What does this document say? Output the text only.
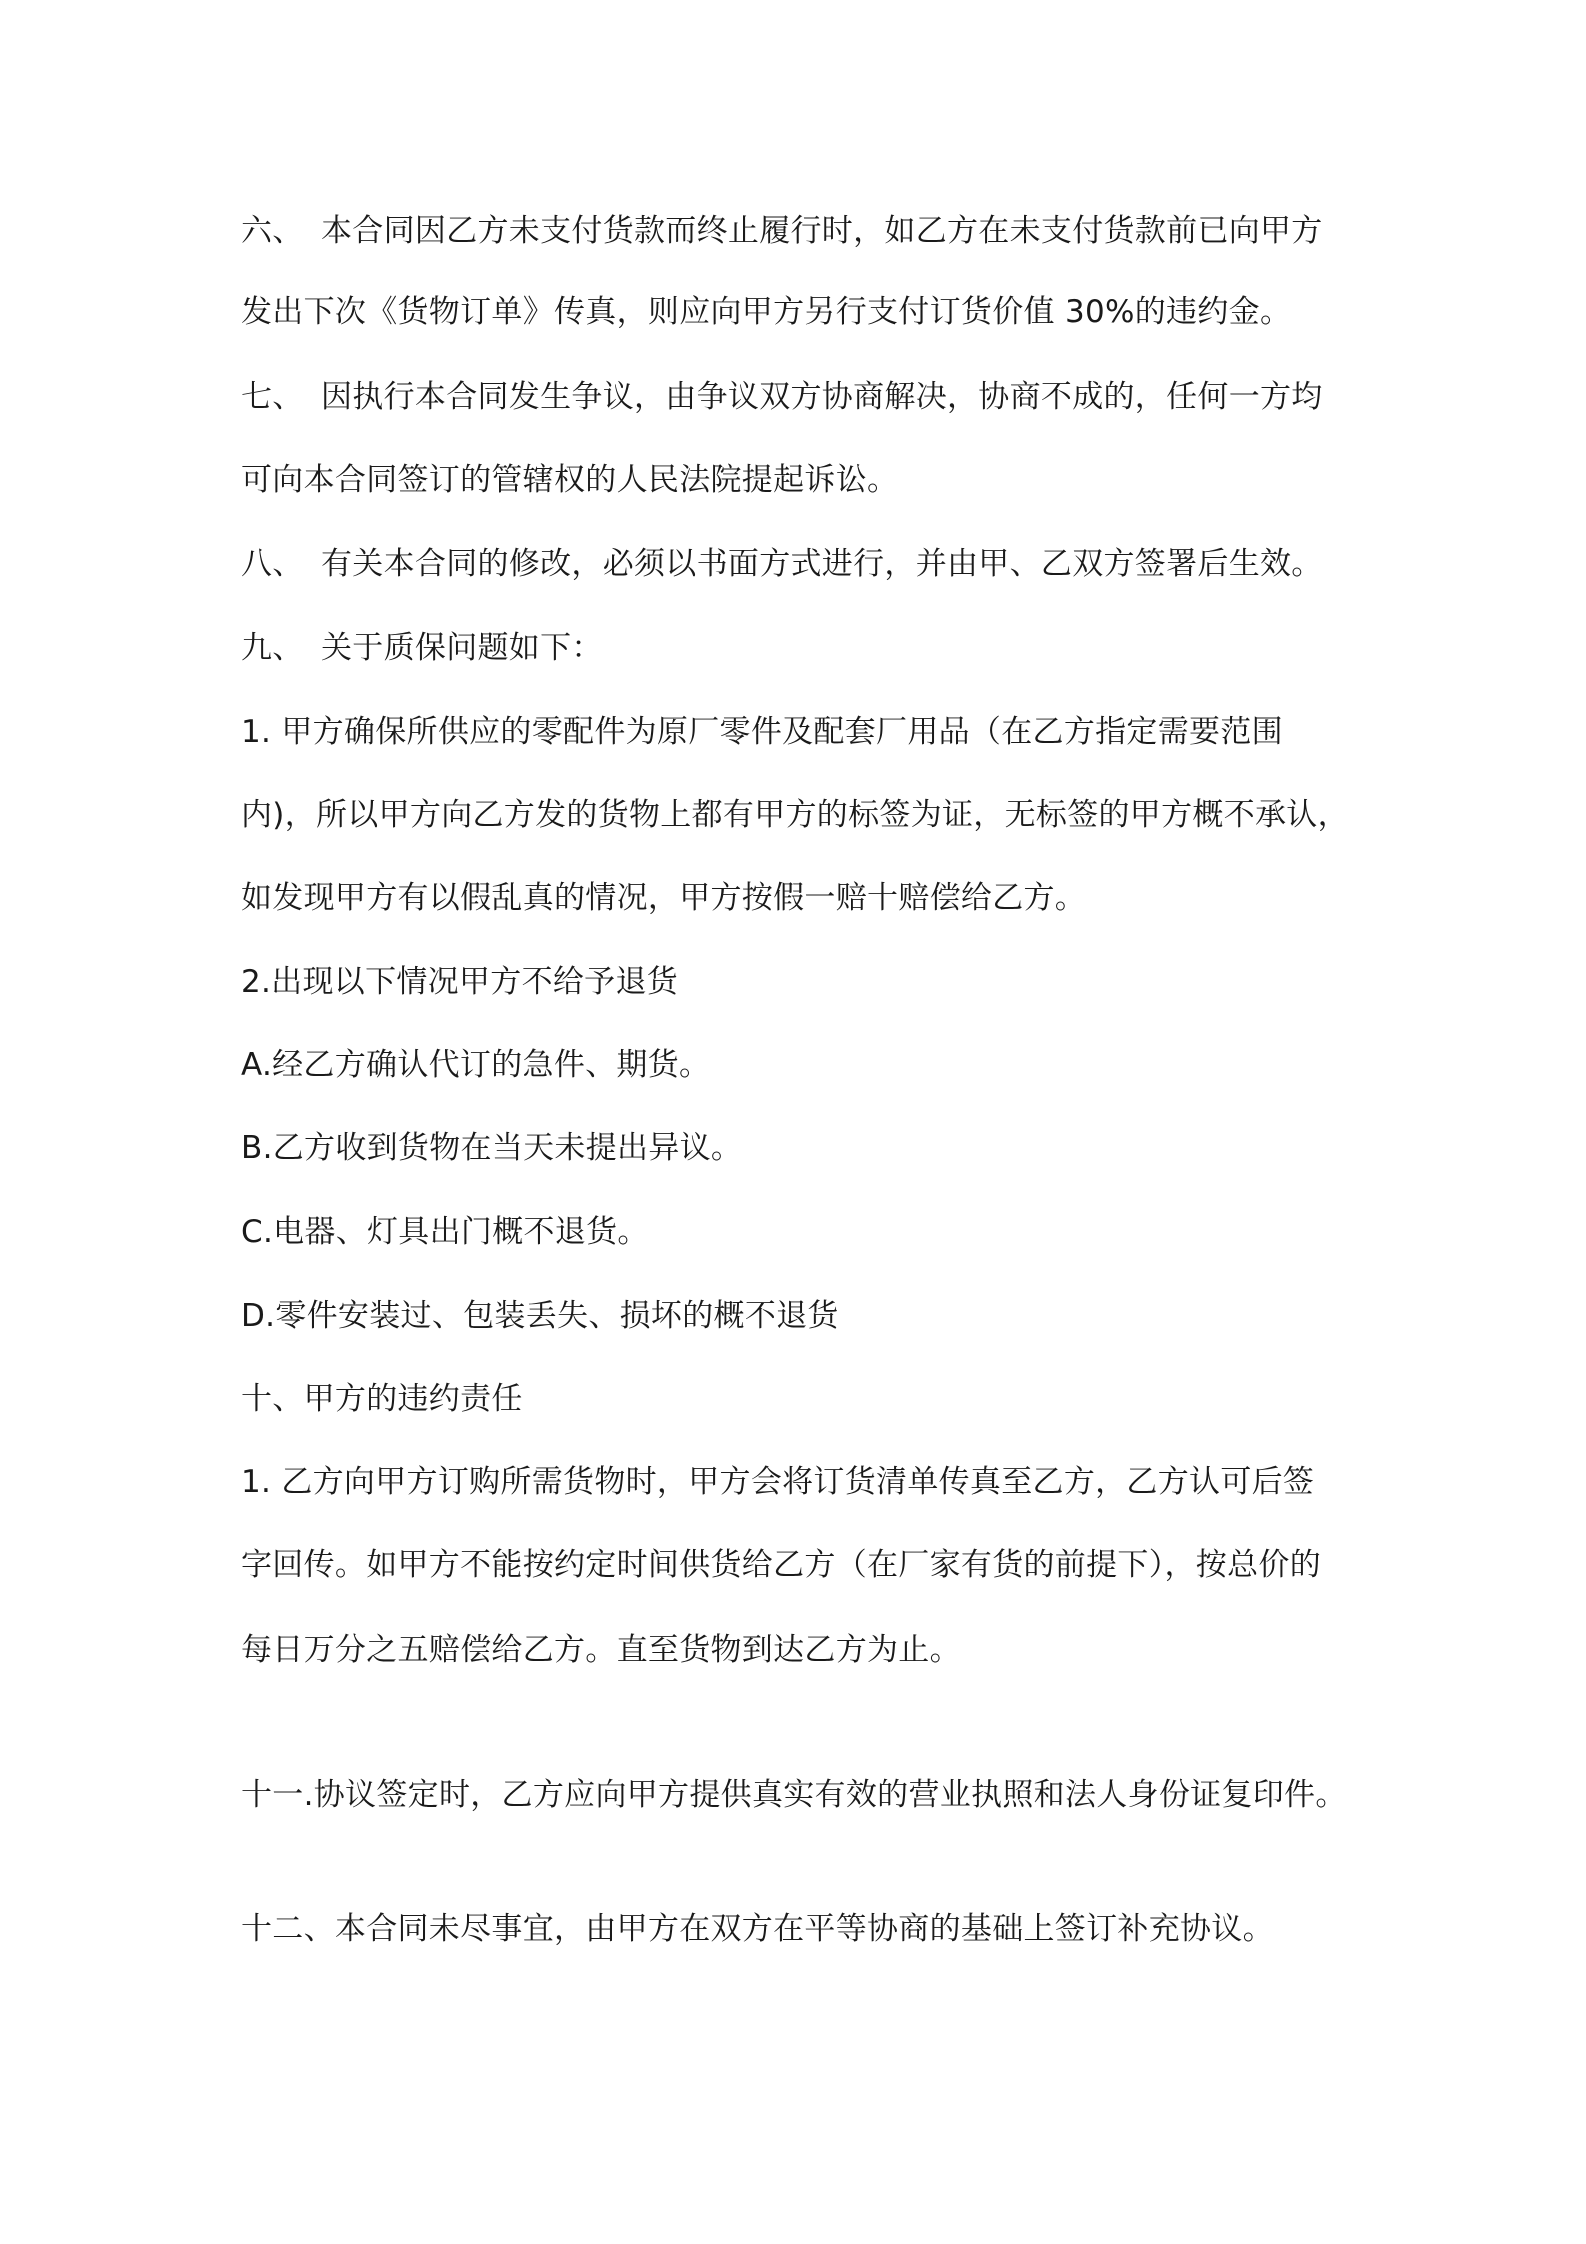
六、 本合同因乙方未支付货款而终止履行时，如乙方在未支付货款前已向甲方
发出下次《货物订单》传真，则应向甲方另行支付订货价值 30%的违约金。
七、 因执行本合同发生争议，由争议双方协商解决，协商不成的，任何一方均
可向本合同签订的管辖权的人民法院提起诉讼。
八、 有关本合同的修改，必须以书面方式进行，并由甲、乙双方签署后生效。
九、 关于质保问题如下：
1. 甲方确保所供应的零配件为原厂零件及配套厂用品（在乙方指定需要范围
内)，所以甲方向乙方发的货物上都有甲方的标签为证，无标签的甲方概不承认，
如发现甲方有以假乱真的情况，甲方按假一赔十赔偿给乙方。
2.出现以下情况甲方不给予退货
A.经乙方确认代订的急件、期货。
B.乙方收到货物在当天未提出异议。
C.电器、灯具出门概不退货。
D.零件安装过、包装丢失、损坏的概不退货
十、甲方的违约责任
1. 乙方向甲方订购所需货物时，甲方会将订货清单传真至乙方，乙方认可后签
字回传。如甲方不能按约定时间供货给乙方（在厂家有货的前提下），按总价的
每日万分之五赔偿给乙方。直至货物到达乙方为止。
十一.协议签定时，乙方应向甲方提供真实有效的营业执照和法人身份证复印件。
十二、本合同未尽事宜，由甲方在双方在平等协商的基础上签订补充协议。
